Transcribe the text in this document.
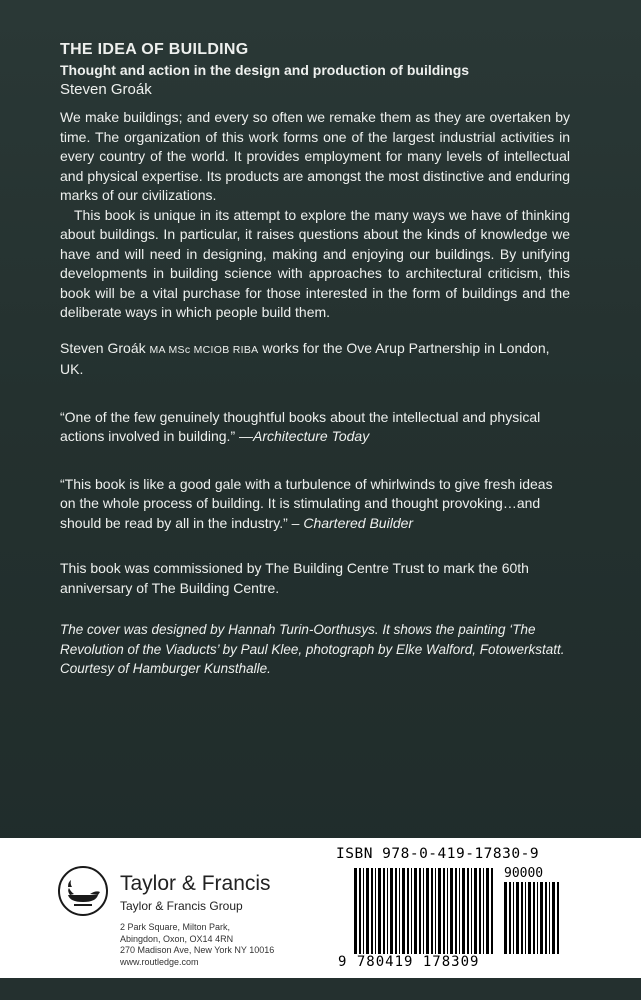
THE IDEA OF BUILDING
Thought and action in the design and production of buildings
Steven Groák

We make buildings; and every so often we remake them as they are overtaken by time. The organization of this work forms one of the largest industrial activities in every country of the world. It provides employment for many levels of intellectual and physical expertise. Its products are amongst the most distinctive and enduring marks of our civilizations.

This book is unique in its attempt to explore the many ways we have of thinking about buildings. In particular, it raises questions about the kinds of knowledge we have and will need in designing, making and enjoying our buildings. By unifying developments in building science with approaches to architectural criticism, this book will be a vital purchase for those interested in the form of buildings and the deliberate ways in which people build them.

Steven Groák MA MSc MCIOB RIBA works for the Ove Arup Partnership in London, UK.
“One of the few genuinely thoughtful books about the intellectual and physical actions involved in building.” —Architecture Today
“This book is like a good gale with a turbulence of whirlwinds to give fresh ideas on the whole process of building. It is stimulating and thought provoking…and should be read by all in the industry.” – Chartered Builder
This book was commissioned by The Building Centre Trust to mark the 60th anniversary of The Building Centre.
The cover was designed by Hannah Turin-Oorthusys. It shows the painting ‘The Revolution of the Viaducts’ by Paul Klee, photograph by Elke Walford, Fotowerkstatt. Courtesy of Hamburger Kunsthalle.
Taylor & Francis
Taylor & Francis Group
2 Park Square, Milton Park,
Abingdon, Oxon, OX14 4RN
270 Madison Ave, New York NY 10016
www.routledge.com
ISBN 978-0-419-17830-9
90000
9 780419 178309
